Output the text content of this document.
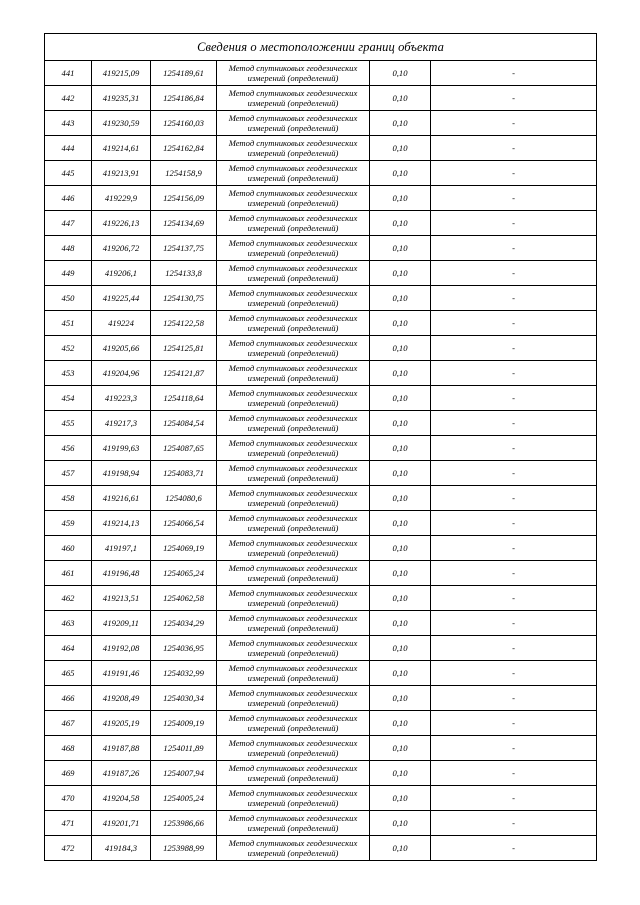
Сведения о местоположении границ объекта					
441	419215,09	1254189,61	Метод спутниковых геодезических
измерений (определений)	0,10	-
442	419235,31	1254186,84	Метод спутниковых геодезических
измерений (определений)	0,10	-
443	419230,59	1254160,03	Метод спутниковых геодезических
измерений (определений)	0,10	-
444	419214,61	1254162,84	Метод спутниковых геодезических
измерений (определений)	0,10	-
445	419213,91	1254158,9	Метод спутниковых геодезических
измерений (определений)	0,10	-
446	419229,9	1254156,09	Метод спутниковых геодезических
измерений (определений)	0,10	-
447	419226,13	1254134,69	Метод спутниковых геодезических
измерений (определений)	0,10	-
448	419206,72	1254137,75	Метод спутниковых геодезических
измерений (определений)	0,10	-
449	419206,1	1254133,8	Метод спутниковых геодезических
измерений (определений)	0,10	-
450	419225,44	1254130,75	Метод спутниковых геодезических
измерений (определений)	0,10	-
451	419224	1254122,58	Метод спутниковых геодезических
измерений (определений)	0,10	-
452	419205,66	1254125,81	Метод спутниковых геодезических
измерений (определений)	0,10	-
453	419204,96	1254121,87	Метод спутниковых геодезических
измерений (определений)	0,10	-
454	419223,3	1254118,64	Метод спутниковых геодезических
измерений (определений)	0,10	-
455	419217,3	1254084,54	Метод спутниковых геодезических
измерений (определений)	0,10	-
456	419199,63	1254087,65	Метод спутниковых геодезических
измерений (определений)	0,10	-
457	419198,94	1254083,71	Метод спутниковых геодезических
измерений (определений)	0,10	-
458	419216,61	1254080,6	Метод спутниковых геодезических
измерений (определений)	0,10	-
459	419214,13	1254066,54	Метод спутниковых геодезических
измерений (определений)	0,10	-
460	419197,1	1254069,19	Метод спутниковых геодезических
измерений (определений)	0,10	-
461	419196,48	1254065,24	Метод спутниковых геодезических
измерений (определений)	0,10	-
462	419213,51	1254062,58	Метод спутниковых геодезических
измерений (определений)	0,10	-
463	419209,11	1254034,29	Метод спутниковых геодезических
измерений (определений)	0,10	-
464	419192,08	1254036,95	Метод спутниковых геодезических
измерений (определений)	0,10	-
465	419191,46	1254032,99	Метод спутниковых геодезических
измерений (определений)	0,10	-
466	419208,49	1254030,34	Метод спутниковых геодезических
измерений (определений)	0,10	-
467	419205,19	1254009,19	Метод спутниковых геодезических
измерений (определений)	0,10	-
468	419187,88	1254011,89	Метод спутниковых геодезических
измерений (определений)	0,10	-
469	419187,26	1254007,94	Метод спутниковых геодезических
измерений (определений)	0,10	-
470	419204,58	1254005,24	Метод спутниковых геодезических
измерений (определений)	0,10	-
471	419201,71	1253986,66	Метод спутниковых геодезических
измерений (определений)	0,10	-
472	419184,3	1253988,99	Метод спутниковых геодезических
измерений (определений)	0,10	-
